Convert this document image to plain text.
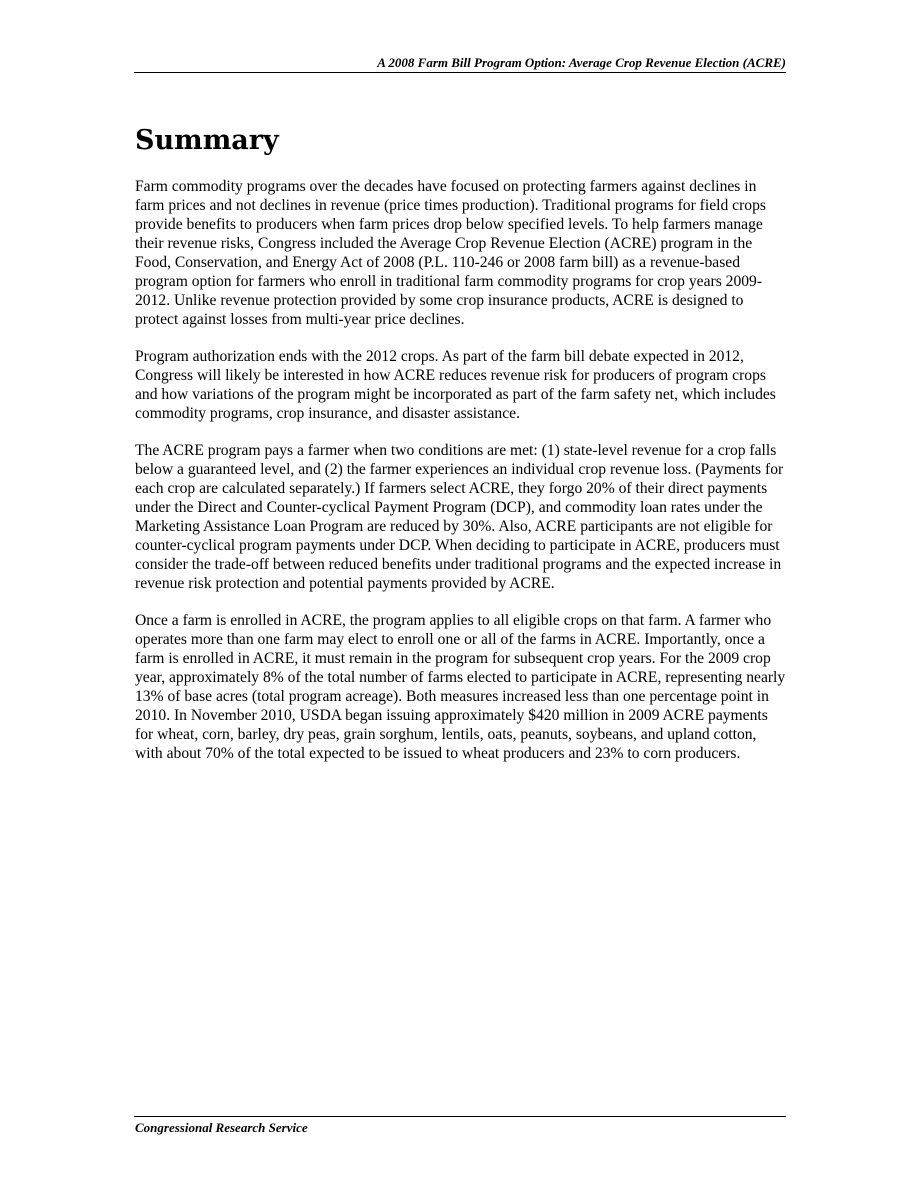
A 2008 Farm Bill Program Option: Average Crop Revenue Election (ACRE)
Summary

Farm commodity programs over the decades have focused on protecting farmers against declines in farm prices and not declines in revenue (price times production). Traditional programs for field crops provide benefits to producers when farm prices drop below specified levels. To help farmers manage their revenue risks, Congress included the Average Crop Revenue Election (ACRE) program in the Food, Conservation, and Energy Act of 2008 (P.L. 110-246 or 2008 farm bill) as a revenue-based program option for farmers who enroll in traditional farm commodity programs for crop years 2009-2012. Unlike revenue protection provided by some crop insurance products, ACRE is designed to protect against losses from multi-year price declines.

Program authorization ends with the 2012 crops. As part of the farm bill debate expected in 2012, Congress will likely be interested in how ACRE reduces revenue risk for producers of program crops and how variations of the program might be incorporated as part of the farm safety net, which includes commodity programs, crop insurance, and disaster assistance.

The ACRE program pays a farmer when two conditions are met: (1) state-level revenue for a crop falls below a guaranteed level, and (2) the farmer experiences an individual crop revenue loss. (Payments for each crop are calculated separately.) If farmers select ACRE, they forgo 20% of their direct payments under the Direct and Counter-cyclical Payment Program (DCP), and commodity loan rates under the Marketing Assistance Loan Program are reduced by 30%. Also, ACRE participants are not eligible for counter-cyclical program payments under DCP. When deciding to participate in ACRE, producers must consider the trade-off between reduced benefits under traditional programs and the expected increase in revenue risk protection and potential payments provided by ACRE.

Once a farm is enrolled in ACRE, the program applies to all eligible crops on that farm. A farmer who operates more than one farm may elect to enroll one or all of the farms in ACRE. Importantly, once a farm is enrolled in ACRE, it must remain in the program for subsequent crop years. For the 2009 crop year, approximately 8% of the total number of farms elected to participate in ACRE, representing nearly 13% of base acres (total program acreage). Both measures increased less than one percentage point in 2010. In November 2010, USDA began issuing approximately $420 million in 2009 ACRE payments for wheat, corn, barley, dry peas, grain sorghum, lentils, oats, peanuts, soybeans, and upland cotton, with about 70% of the total expected to be issued to wheat producers and 23% to corn producers.

Congressional Research Service
